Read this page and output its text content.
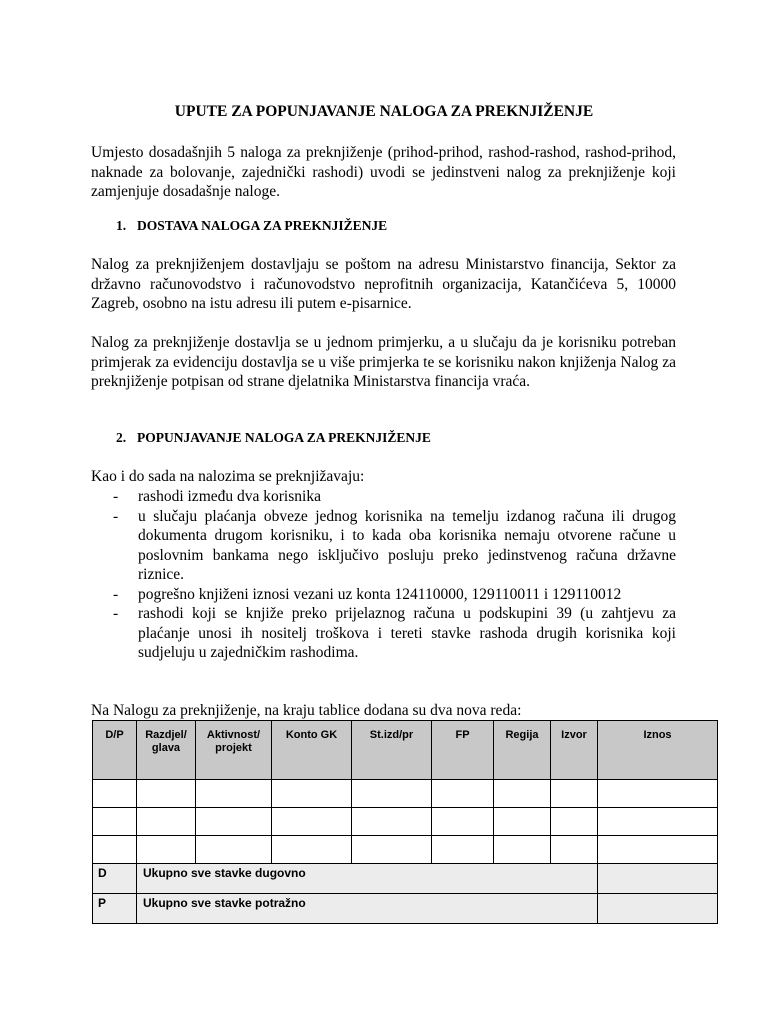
UPUTE ZA POPUNJAVANJE NALOGA ZA PREKNJIŽENJE

Umjesto dosadašnjih 5 naloga za preknjiženje (prihod-prihod, rashod-rashod, rashod-prihod, naknade za bolovanje, zajednički rashodi) uvodi se jedinstveni nalog za preknjiženje koji zamjenjuje dosadašnje naloge.

1. DOSTAVA NALOGA ZA PREKNJIŽENJE

Nalog za preknjiženjem dostavljaju se poštom na adresu Ministarstvo financija, Sektor za državno računovodstvo i računovodstvo neprofitnih organizacija, Katančićeva 5, 10000 Zagreb, osobno na istu adresu ili putem e-pisarnice.

Nalog za preknjiženje dostavlja se u jednom primjerku, a u slučaju da je korisniku potreban primjerak za evidenciju dostavlja se u više primjerka te se korisniku nakon knjiženja Nalog za preknjiženje potpisan od strane djelatnika Ministarstva financija vraća.

2. POPUNJAVANJE NALOGA ZA PREKNJIŽENJE

Kao i do sada na nalozima se preknjižavaju:

- rashodi između dva korisnika
- u slučaju plaćanja obveze jednog korisnika na temelju izdanog računa ili drugog dokumenta drugom korisniku, i to kada oba korisnika nemaju otvorene račune u poslovnim bankama nego isključivo posluju preko jedinstvenog računa državne riznice.
- pogrešno knjiženi iznosi vezani uz konta 124110000, 129110011 i 129110012
- rashodi koji se knjiže preko prijelaznog računa u podskupini 39 (u zahtjevu za plaćanje unosi ih nositelj troškova i tereti stavke rashoda drugih korisnika koji sudjeluju u zajedničkim rashodima.

Na Nalogu za preknjiženje, na kraju tablice dodana su dva nova reda:

D/P	Razdjel/ glava	Aktivnost/ projekt	Konto GK	St.izd/pr	FP	Regija	Izvor	Iznos

D	Ukupno sve stavke dugovno							
P	Ukupno sve stavke potražno							
